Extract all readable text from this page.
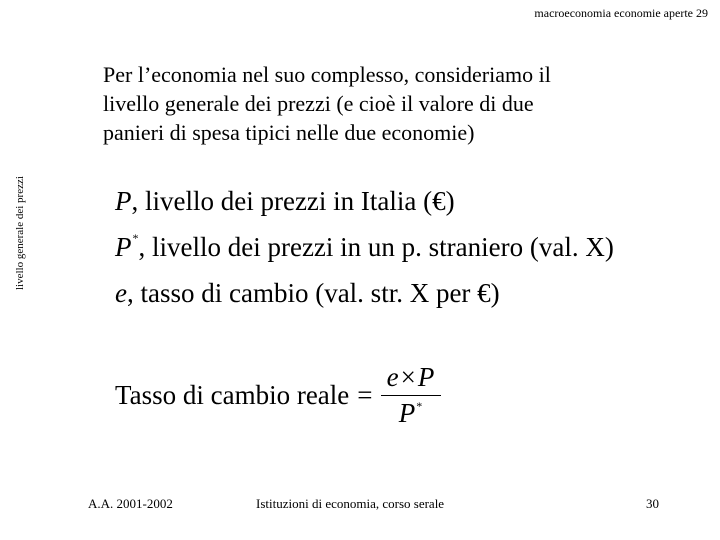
macroeconomia economie aperte 29
livello generale dei prezzi
Per l’economia nel suo complesso, consideriamo il
livello generale dei prezzi (e cioè il valore di due
panieri di spesa tipici nelle due economie)
P, livello dei prezzi in Italia (€)
P*, livello dei prezzi in un p. straniero (val. X)
e, tasso di cambio (val. str. X per €)
Tasso di cambio reale = $\frac{e\times P}{P^*}$
A.A. 2001-2002	Istituzioni di economia, corso serale	30
